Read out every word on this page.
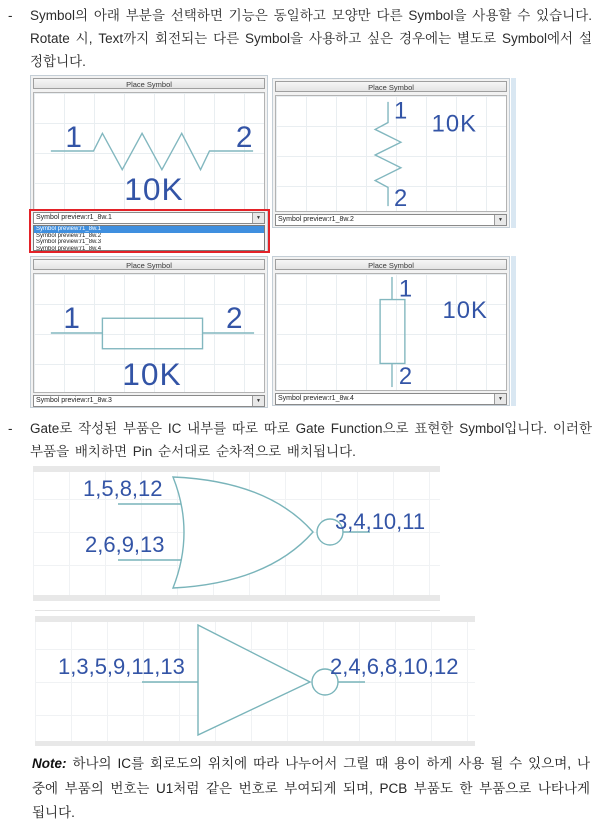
-	Symbol의 아래 부분을 선택하면 기능은 동일하고 모양만 다른 Symbol을 사용할 수 있습니다. Rotate 시, Text까지 회전되는 다른 Symbol을 사용하고 싶은 경우에는 별도로 Symbol에서 설정합니다.
Place Symbol
1	2
10K
Symbol preview:r1_8w.1	▼
Symbol preview:r1_8w.1
Symbol preview:r1_8w.2
Symbol preview:r1_8w.3
Symbol preview:r1_8w.4
Place Symbol
1
2
10K
Symbol preview:r1_8w.2	▼
Place Symbol
1	2
10K
Symbol preview:r1_8w.3	▼
Place Symbol
1
2
10K
Symbol preview:r1_8w.4	▼
-	Gate로 작성된 부품은 IC 내부를 따로 따로 Gate Function으로 표현한 Symbol입니다. 이러한 부품을 배치하면 Pin 순서대로 순차적으로 배치됩니다.
1,5,8,12
2,6,9,13
3,4,10,11
1,3,5,9,11,13	2,4,6,8,10,12
Note: 하나의 IC를 회로도의 위치에 따라 나누어서 그릴 때 용이 하게 사용 될 수 있으며, 나중에 부품의 번호는 U1처럼 같은 번호로 부여되게 되며, PCB 부품도 한 부품으로 나타나게 됩니다.
